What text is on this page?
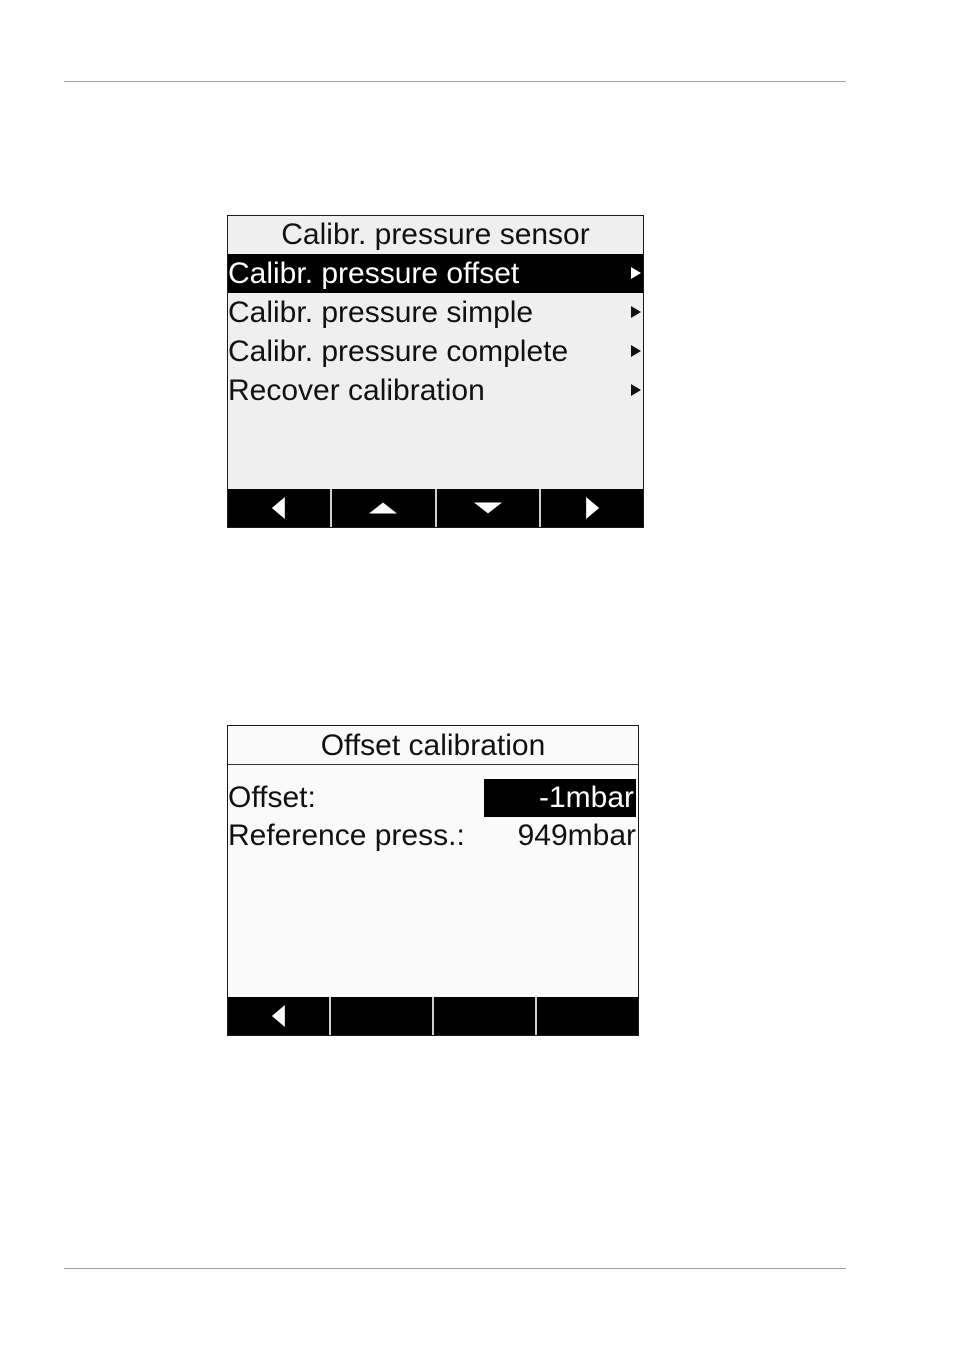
Calibr. pressure sensor
Calibr. pressure offset
Calibr. pressure simple
Calibr. pressure complete
Recover calibration
Offset calibration
Offset:	-1mbar
Reference press.: 949mbar
